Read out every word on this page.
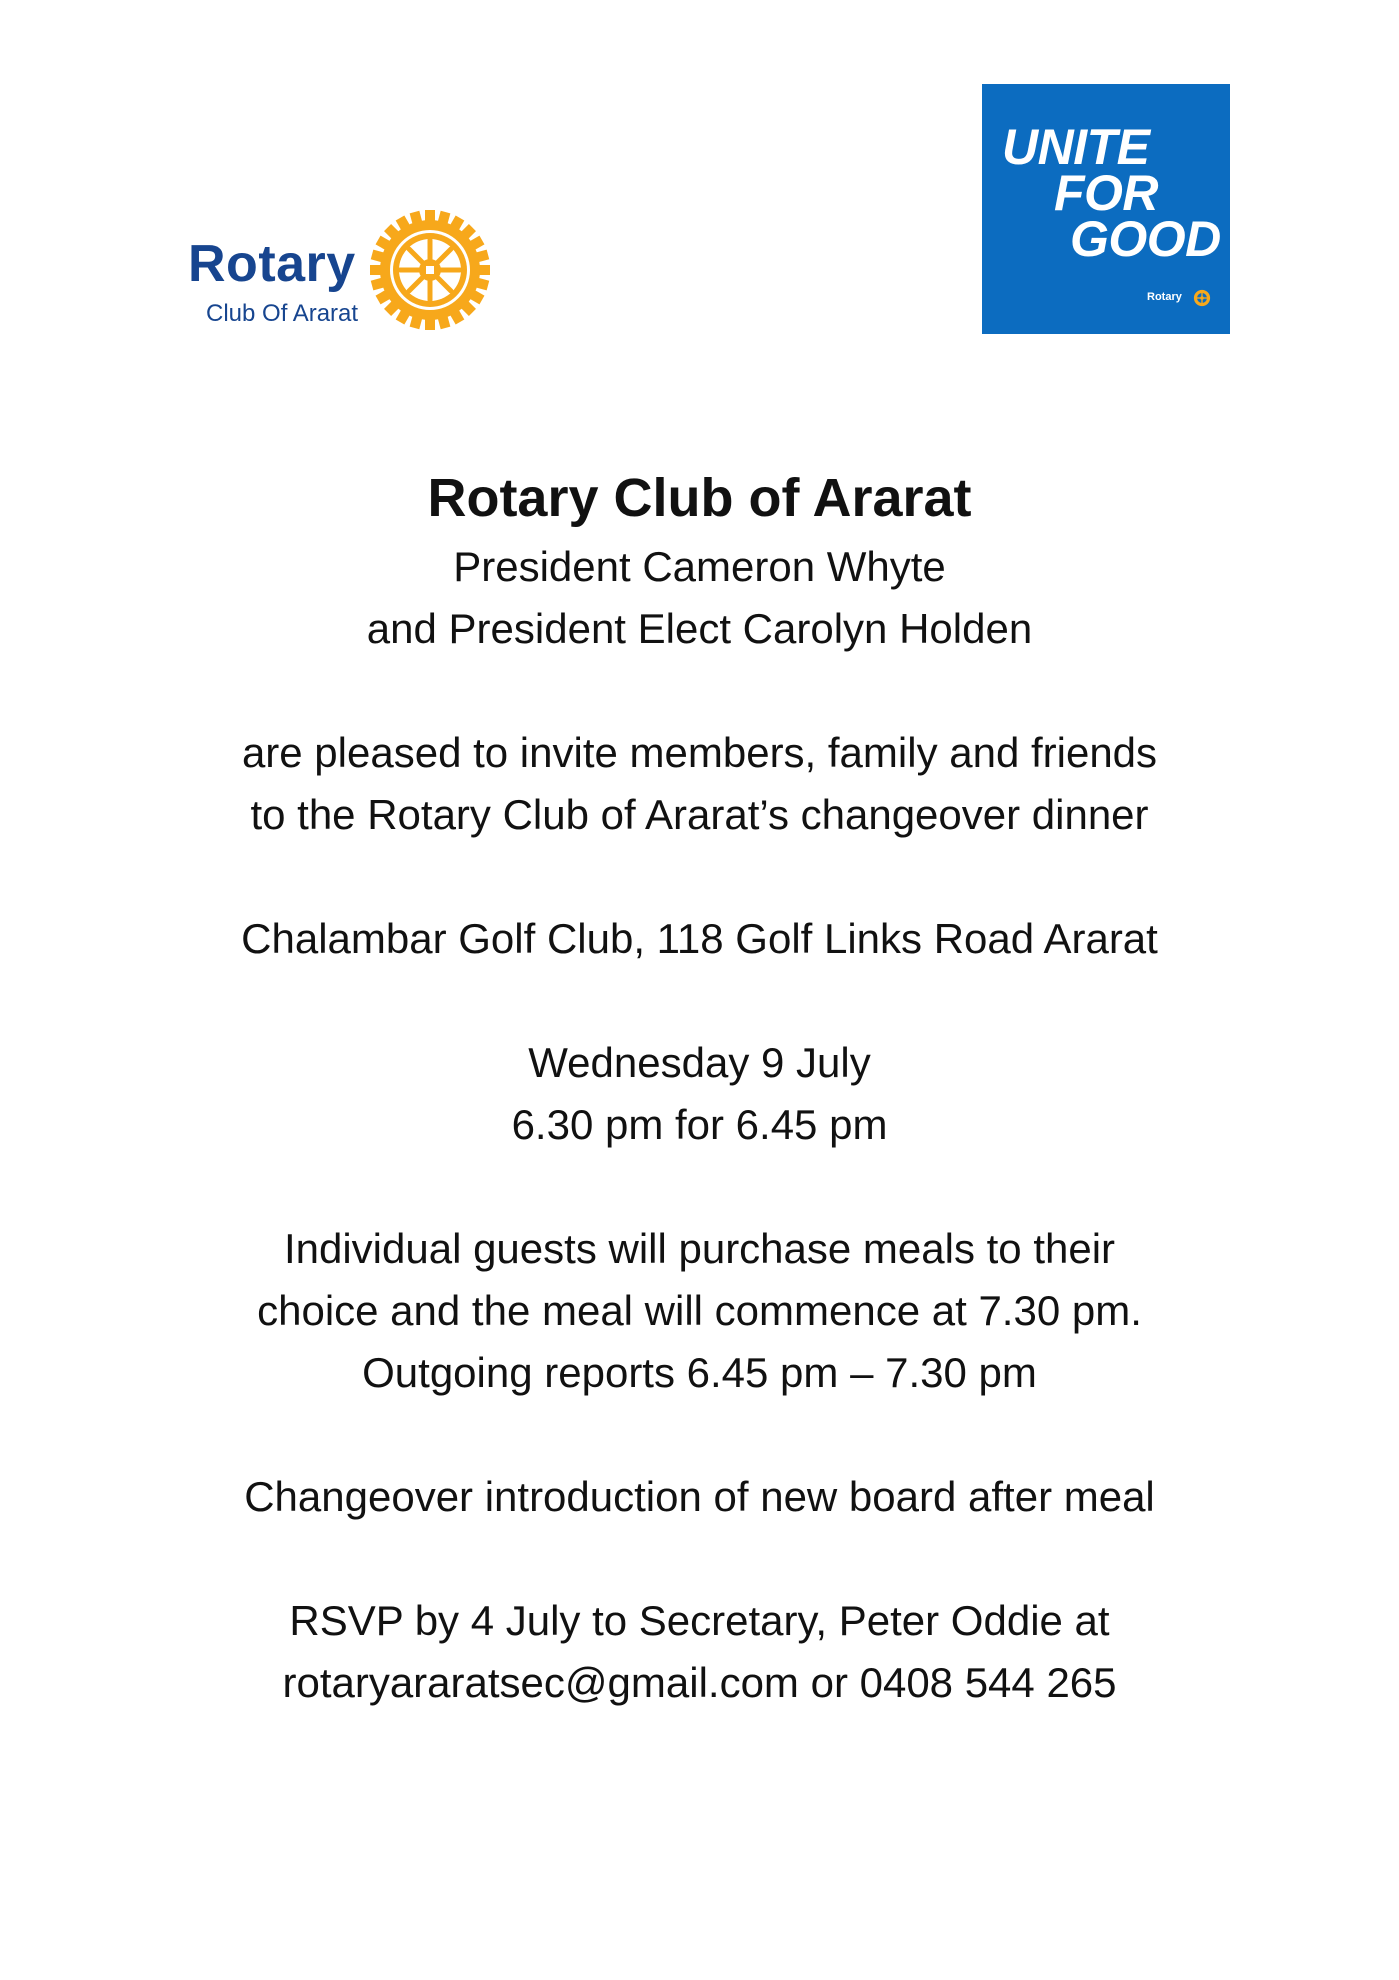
Rotary
Club Of Ararat
UNITE
FOR
GOOD
Rotary

Rotary Club of Ararat

President Cameron Whyte

and President Elect Carolyn Holden

are pleased to invite members, family and friends

to the Rotary Club of Ararat’s changeover dinner

Chalambar Golf Club, 118 Golf Links Road Ararat

Wednesday 9 July

6.30 pm for 6.45 pm

Individual guests will purchase meals to their

choice and the meal will commence at 7.30 pm.

Outgoing reports 6.45 pm – 7.30 pm

Changeover introduction of new board after meal

RSVP by 4 July to Secretary, Peter Oddie at

rotaryararatsec@gmail.com or 0408 544 265
